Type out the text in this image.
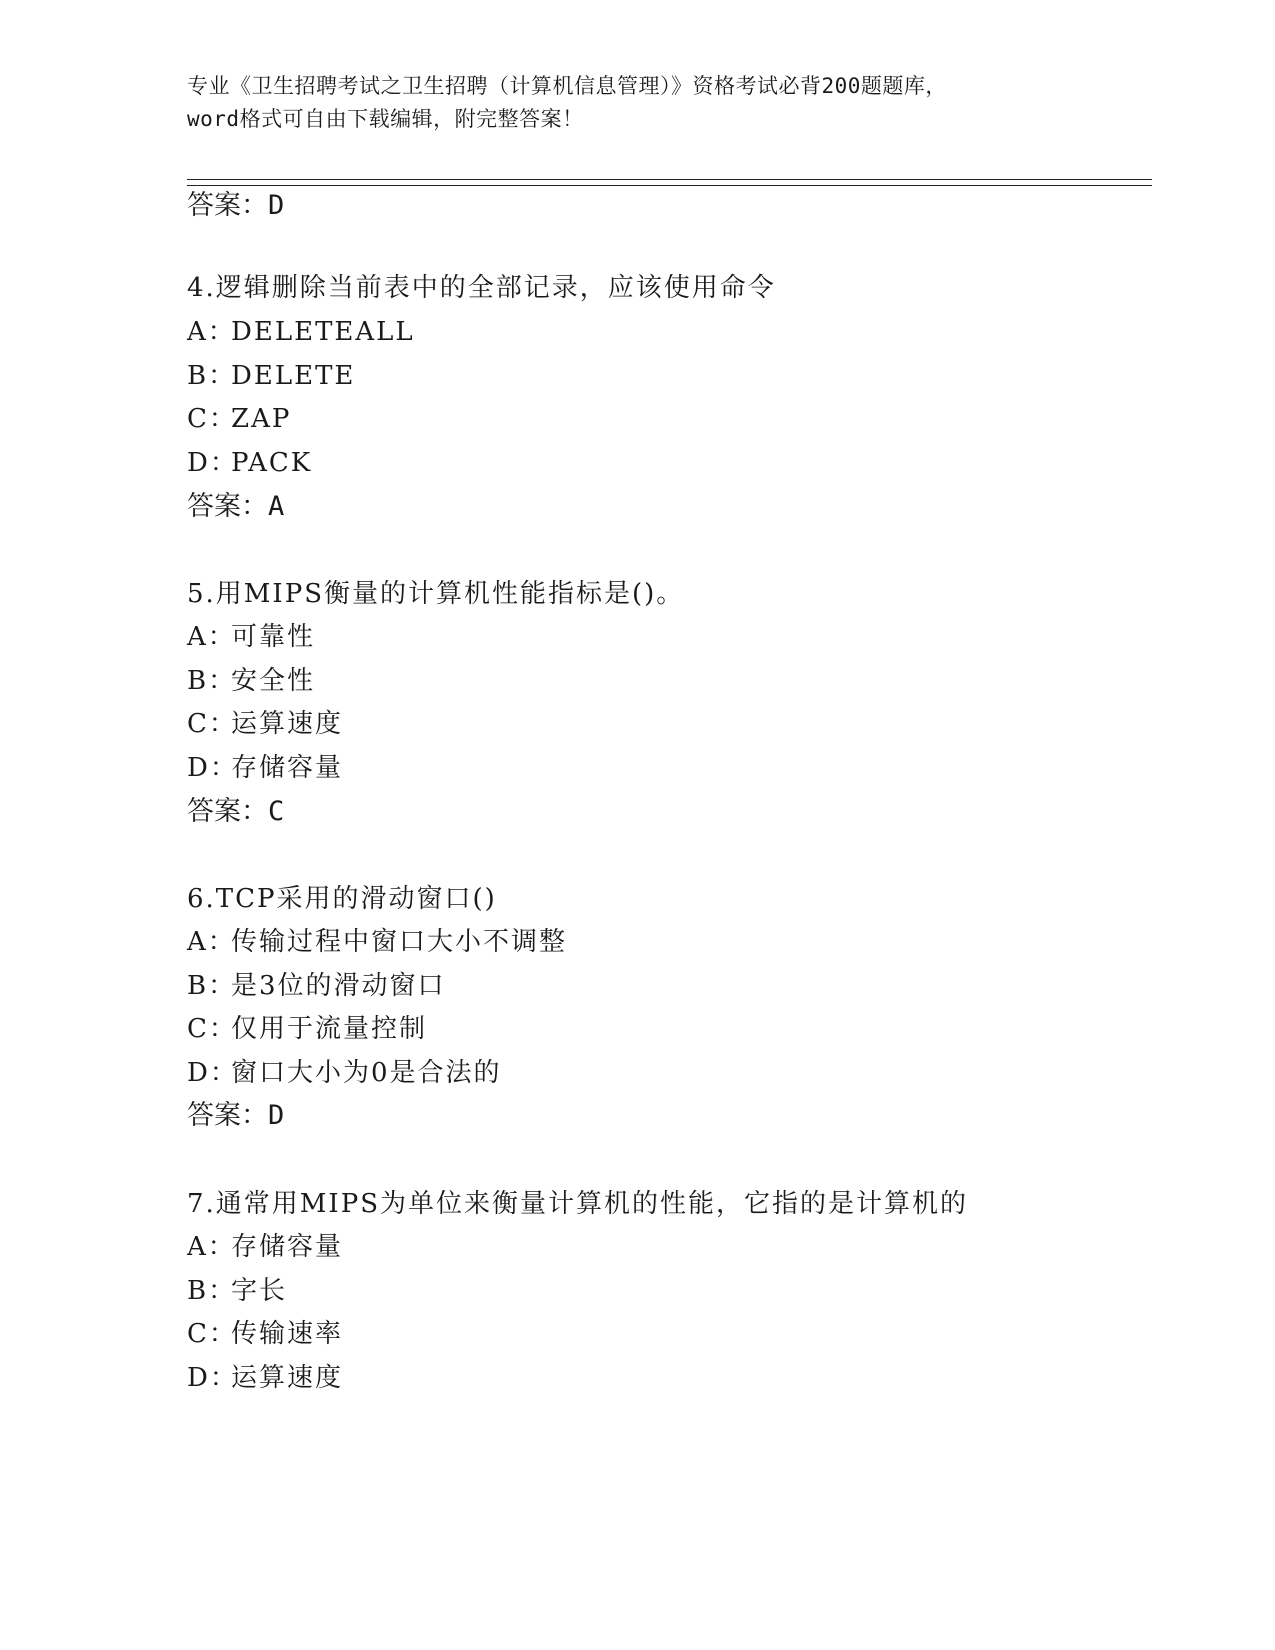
专业《卫生招聘考试之卫生招聘（计算机信息管理）》资格考试必背200题题库，
word格式可自由下载编辑，附完整答案！
答案：D
4.逻辑删除当前表中的全部记录，应该使用命令
A：DELETEALL
B：DELETE
C：ZAP
D：PACK
答案：A
5.用MIPS衡量的计算机性能指标是()。
A：可靠性
B：安全性
C：运算速度
D：存储容量
答案：C
6.TCP采用的滑动窗口()
A：传输过程中窗口大小不调整
B：是3位的滑动窗口
C：仅用于流量控制
D：窗口大小为0是合法的
答案：D
7.通常用MIPS为单位来衡量计算机的性能，它指的是计算机的
A：存储容量
B：字长
C：传输速率
D：运算速度
